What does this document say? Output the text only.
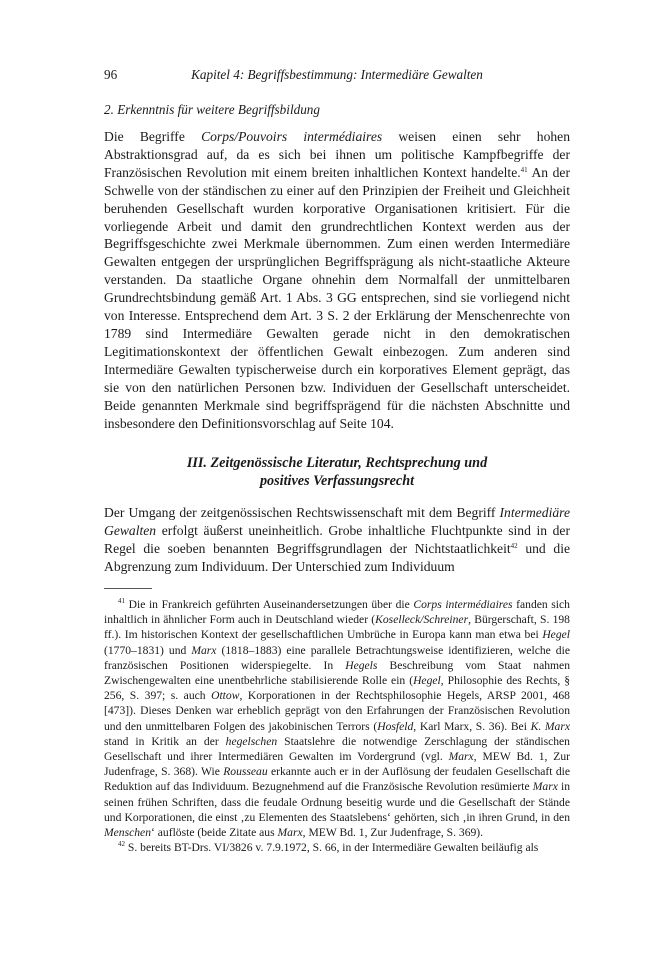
96	Kapitel 4: Begriffsbestimmung: Intermediäre Gewalten
2. Erkenntnis für weitere Begriffsbildung

Die Begriffe Corps/Pouvoirs intermédiaires weisen einen sehr hohen Abstraktionsgrad auf, da es sich bei ihnen um politische Kampfbegriffe der Französischen Revolution mit einem breiten inhaltlichen Kontext handelte.$^{41}$ An der Schwelle von der ständischen zu einer auf den Prinzipien der Freiheit und Gleichheit beruhenden Gesellschaft wurden korporative Organisationen kritisiert. Für die vorliegende Arbeit und damit den grundrechtlichen Kontext werden aus der Begriffsgeschichte zwei Merkmale übernommen. Zum einen werden Intermediäre Gewalten entgegen der ursprünglichen Begriffsprägung als nicht-staatliche Akteure verstanden. Da staatliche Organe ohnehin dem Normalfall der unmittelbaren Grundrechtsbindung gemäß Art. 1 Abs. 3 GG entsprechen, sind sie vorliegend nicht von Interesse. Entsprechend dem Art. 3 S. 2 der Erklärung der Menschenrechte von 1789 sind Intermediäre Gewalten gerade nicht in den demokratischen Legitimationskontext der öffentlichen Gewalt einbezogen. Zum anderen sind Intermediäre Gewalten typischerweise durch ein korporatives Element geprägt, das sie von den natürlichen Personen bzw. Individuen der Gesellschaft unterscheidet. Beide genannten Merkmale sind begriffsprägend für die nächsten Abschnitte und insbesondere den Definitionsvorschlag auf Seite 104.

III. Zeitgenössische Literatur, Rechtsprechung und
positives Verfassungsrecht

Der Umgang der zeitgenössischen Rechtswissenschaft mit dem Begriff Intermediäre Gewalten erfolgt äußerst uneinheitlich. Grobe inhaltliche Fluchtpunkte sind in der Regel die soeben benannten Begriffsgrundlagen der Nichtstaatlichkeit$^{42}$ und die Abgrenzung zum Individuum. Der Unterschied zum Individuum

$^{41}$ Die in Frankreich geführten Auseinandersetzungen über die Corps intermédiaires fanden sich inhaltlich in ähnlicher Form auch in Deutschland wieder (Koselleck/Schreiner, Bürgerschaft, S. 198 ff.). Im historischen Kontext der gesellschaftlichen Umbrüche in Europa kann man etwa bei Hegel (1770–1831) und Marx (1818–1883) eine parallele Betrachtungsweise identifizieren, welche die französischen Positionen widerspiegelte. In Hegels Beschreibung vom Staat nahmen Zwischengewalten eine unentbehrliche stabilisierende Rolle ein (Hegel, Philosophie des Rechts, § 256, S. 397; s. auch Ottow, Korporationen in der Rechtsphilosophie Hegels, ARSP 2001, 468 [473]). Dieses Denken war erheblich geprägt von den Erfahrungen der Französischen Revolution und den unmittelbaren Folgen des jakobinischen Terrors (Hosfeld, Karl Marx, S. 36). Bei K. Marx stand in Kritik an der hegelschen Staatslehre die notwendige Zerschlagung der ständischen Gesellschaft und ihrer Intermediären Gewalten im Vordergrund (vgl. Marx, MEW Bd. 1, Zur Judenfrage, S. 368). Wie Rousseau erkannte auch er in der Auflösung der feudalen Gesellschaft die Reduktion auf das Individuum. Bezugnehmend auf die Französische Revolution resümierte Marx in seinen frühen Schriften, dass die feudale Ordnung beseitig wurde und die Gesellschaft der Stände und Korporationen, die einst ‚zu Elementen des Staatslebens‘ gehörten, sich ‚in ihren Grund, in den Menschen‘ auflöste (beide Zitate aus Marx, MEW Bd. 1, Zur Judenfrage, S. 369).

$^{42}$ S. bereits BT-Drs. VI/3826 v. 7.9.1972, S. 66, in der Intermediäre Gewalten beiläufig als
